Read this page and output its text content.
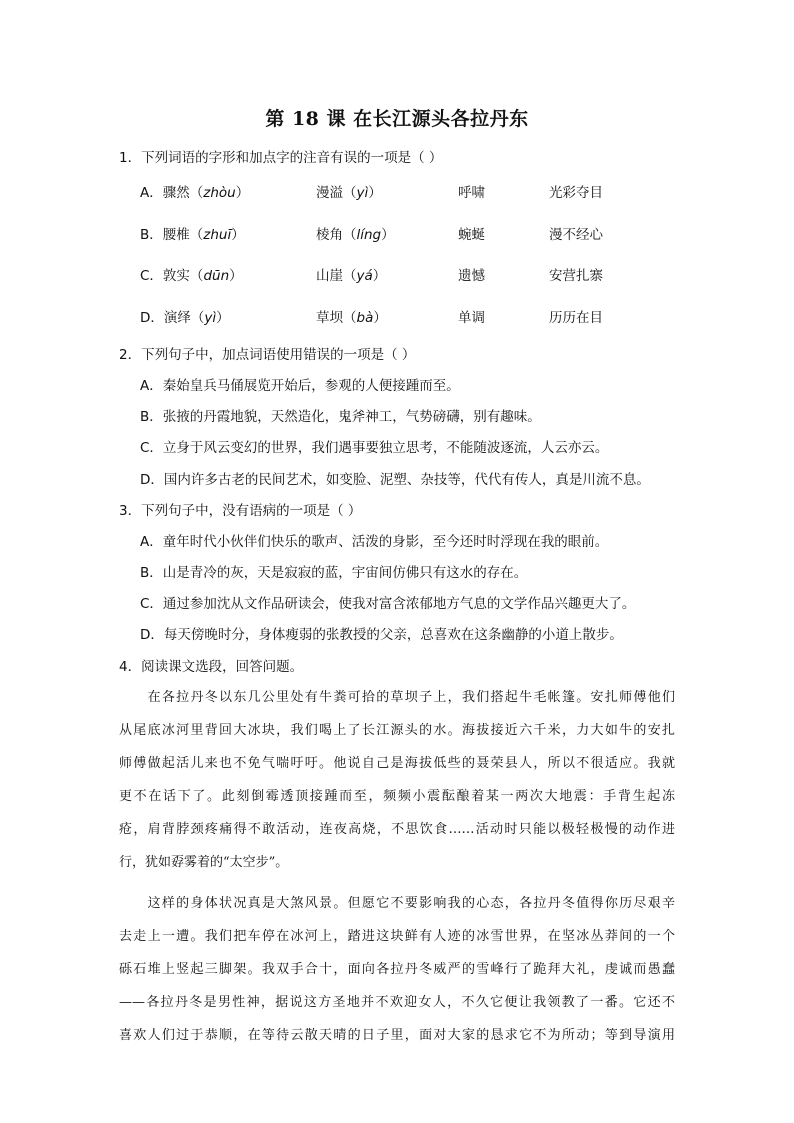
第 18 课 在长江源头各拉丹东
1．下列词语的字形和加点字的注音有误的一项是（ ）
A．骤然（zhòu）	漫溢（yì）	呼啸	光彩夺目
B．腰椎（zhuī）	棱角（líng）	蜿蜒	漫不经心
C．敦实（dūn）	山崖（yá）	遗憾	安营扎寨
D．演绎（yì）	草坝（bà）	单调	历历在目
2．下列句子中，加点词语使用错误的一项是（ ）
A．秦始皇兵马俑展览开始后，参观的人便接踵而至。
B．张掖的丹霞地貌，天然造化，鬼斧神工，气势磅礴，别有趣味。
C．立身于风云变幻的世界，我们遇事要独立思考，不能随波逐流，人云亦云。
D．国内许多古老的民间艺术，如变脸、泥塑、杂技等，代代有传人，真是川流不息。
3．下列句子中，没有语病的一项是（ ）
A．童年时代小伙伴们快乐的歌声、活泼的身影，至今还时时浮现在我的眼前。
B．山是青冷的灰，天是寂寂的蓝，宇宙间仿佛只有这水的存在。
C．通过参加沈从文作品研读会，使我对富含浓郁地方气息的文学作品兴趣更大了。
D．每天傍晚时分，身体瘦弱的张教授的父亲，总喜欢在这条幽静的小道上散步。
4．阅读课文选段，回答问题。
　　在各拉丹冬以东几公里处有牛粪可拾的草坝子上，我们搭起牛毛帐篷。安扎师傅他们
从尾底冰河里背回大冰块，我们喝上了长江源头的水。海拔接近六千米，力大如牛的安扎
师傅做起活儿来也不免气喘吁吁。他说自己是海拔低些的聂荣县人，所以不很适应。我就
更不在话下了。此刻倒霉透顶接踵而至，频频小震酝酿着某一两次大地震：手背生起冻
疮，肩背脖颈疼痛得不敢活动，连夜高烧，不思饮食……活动时只能以极轻极慢的动作进
行，犹如孬雾着的“太空步”。
　　这样的身体状况真是大煞风景。但愿它不要影响我的心态，各拉丹冬值得你历尽艰辛
去走上一遭。我们把车停在冰河上，踏进这块鲜有人迹的冰雪世界，在坚冰丛莽间的一个
砾石堆上竖起三脚架。我双手合十，面向各拉丹冬威严的雪峰行了跪拜大礼，虔诚而愚蠢
——各拉丹冬是男性神，据说这方圣地并不欢迎女人，不久它便让我领教了一番。它还不
喜欢人们过于恭顺，在等待云散天晴的日子里，面对大家的恳求它不为所动；等到导演用
